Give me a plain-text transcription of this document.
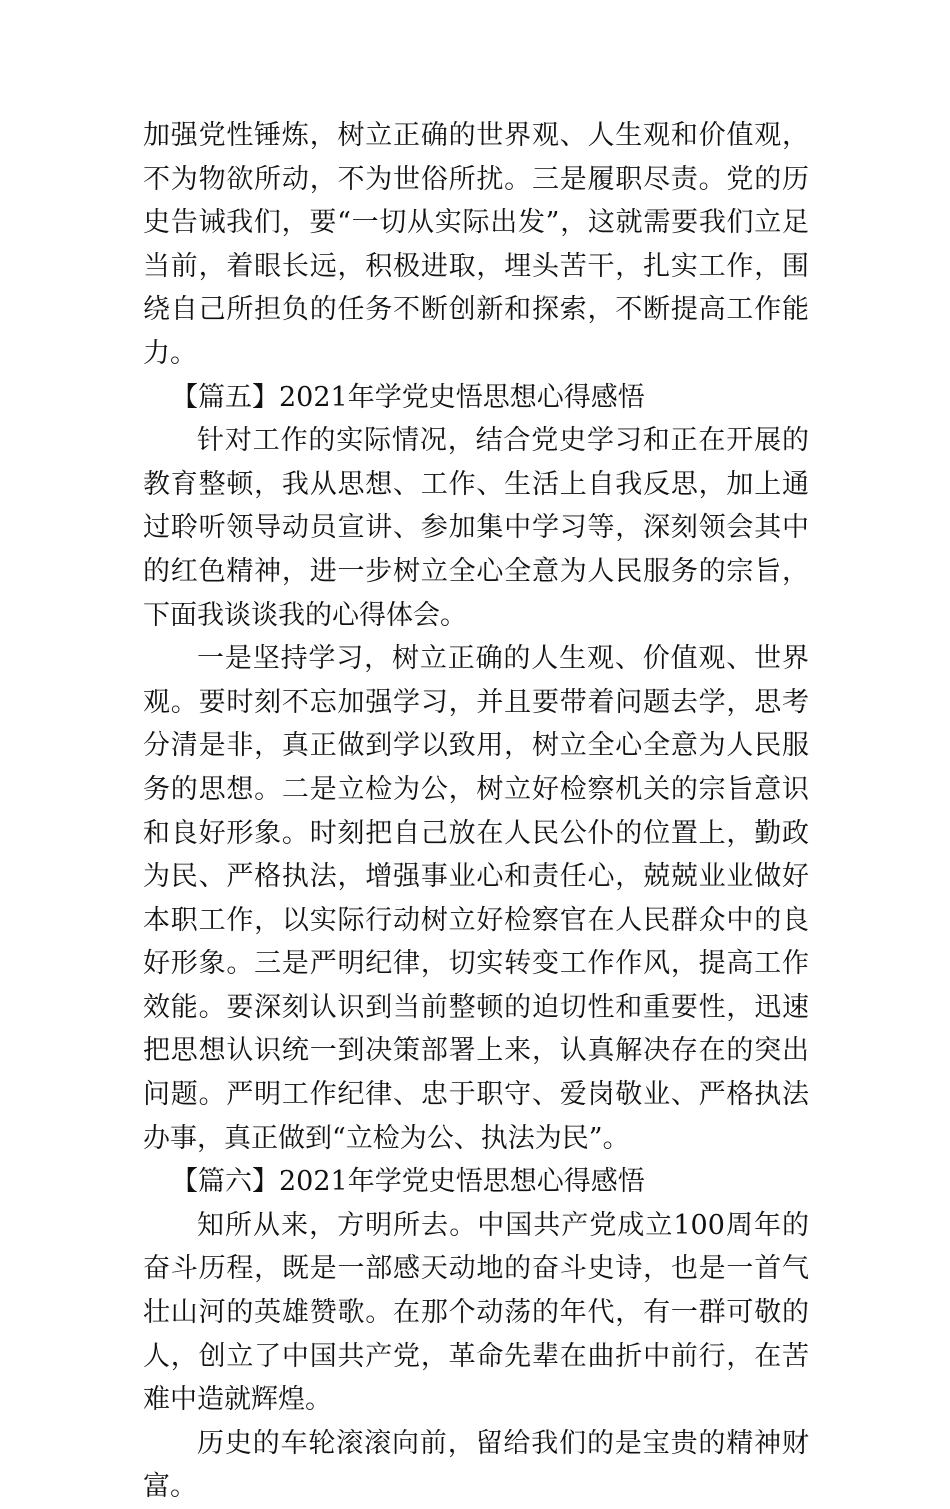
加强党性锤炼，树立正确的世界观、人生观和价值观，不为物欲所动，不为世俗所扰。三是履职尽责。党的历史告诫我们，要“一切从实际出发”，这就需要我们立足当前，着眼长远，积极进取，埋头苦干，扎实工作，围绕自己所担负的任务不断创新和探索，不断提高工作能力。

【篇五】2021年学党史悟思想心得感悟

针对工作的实际情况，结合党史学习和正在开展的教育整顿，我从思想、工作、生活上自我反思，加上通过聆听领导动员宣讲、参加集中学习等，深刻领会其中的红色精神，进一步树立全心全意为人民服务的宗旨，下面我谈谈我的心得体会。

一是坚持学习，树立正确的人生观、价值观、世界观。要时刻不忘加强学习，并且要带着问题去学，思考分清是非，真正做到学以致用，树立全心全意为人民服务的思想。二是立检为公，树立好检察机关的宗旨意识和良好形象。时刻把自己放在人民公仆的位置上，勤政为民、严格执法，增强事业心和责任心，兢兢业业做好本职工作，以实际行动树立好检察官在人民群众中的良好形象。三是严明纪律，切实转变工作作风，提高工作效能。要深刻认识到当前整顿的迫切性和重要性，迅速把思想认识统一到决策部署上来，认真解决存在的突出问题。严明工作纪律、忠于职守、爱岗敬业、严格执法办事，真正做到“立检为公、执法为民”。

【篇六】2021年学党史悟思想心得感悟

知所从来，方明所去。中国共产党成立100周年的奋斗历程，既是一部感天动地的奋斗史诗，也是一首气壮山河的英雄赞歌。在那个动荡的年代，有一群可敬的人，创立了中国共产党，革命先辈在曲折中前行，在苦难中造就辉煌。

历史的车轮滚滚向前，留给我们的是宝贵的精神财富。
